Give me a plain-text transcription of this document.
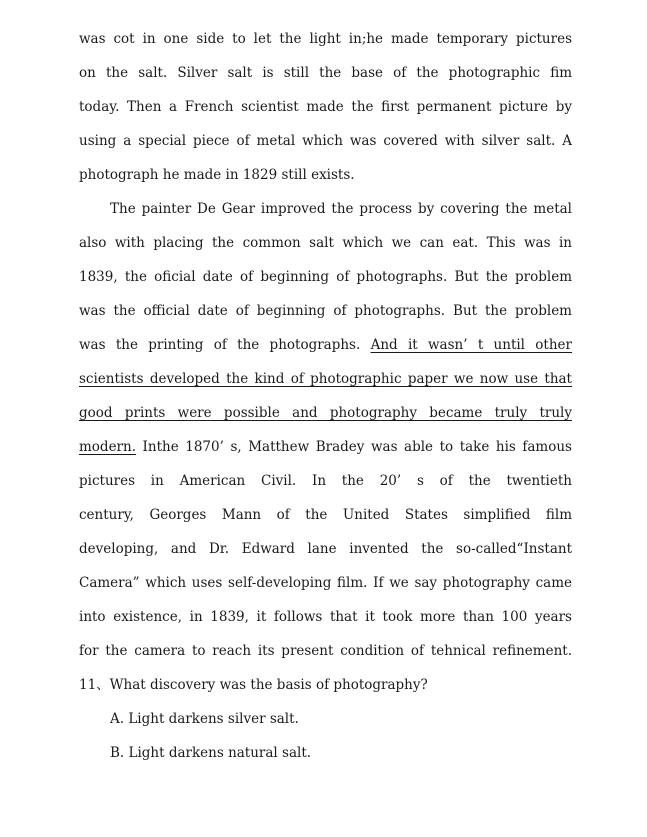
was cot in one side to let the light in;he made temporary pictures
on the salt. Silver salt is still the base of the photographic fim
today. Then a French scientist made the first permanent picture by
using a special piece of metal which was covered with silver salt. A
photograph he made in 1829 still exists.
The painter De Gear improved the process by covering the metal
also with placing the common salt which we can eat. This was in
1839, the oficial date of beginning of photographs. But the problem
was the official date of beginning of photographs. But the problem
was the printing of the photographs. And it wasn’ t until other
scientists developed the kind of photographic paper we now use that
good prints were possible and photography became truly truly
modern. Inthe 1870’ s, Matthew Bradey was able to take his famous
pictures in American Civil. In the 20’ s of the twentieth
century, Georges Mann of the United States simplified film
developing, and Dr. Edward lane invented the so-called“Instant
Camera” which uses self-developing film. If we say photography came
into existence, in 1839, it follows that it took more than 100 years
for the camera to reach its present condition of tehnical refinement.
11、What discovery was the basis of photography?
A. Light darkens silver salt.
B. Light darkens natural salt.
